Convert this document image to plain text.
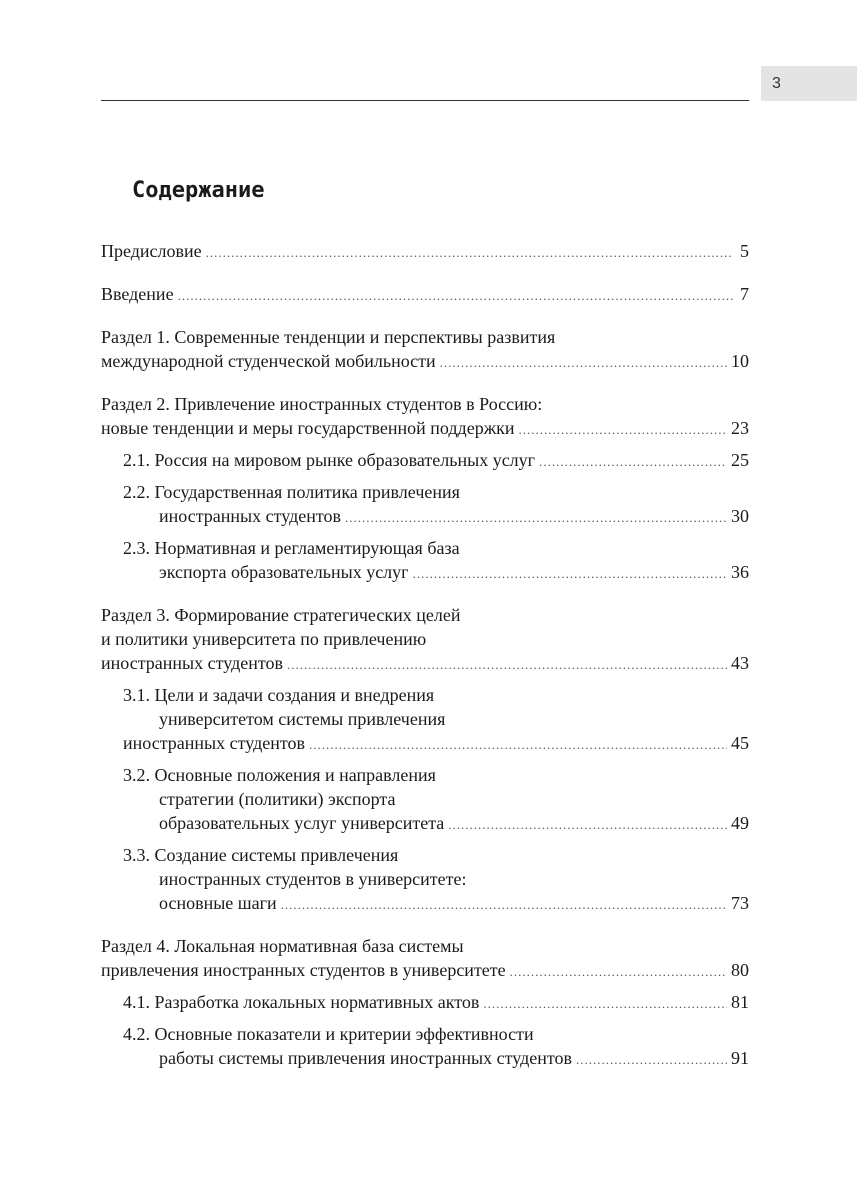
3
Содержание
Предисловие .....	5
Введение .....	7
Раздел 1. Современные тенденции и перспективы развития
международной студенческой мобильности .....	10
Раздел 2. Привлечение иностранных студентов в Россию:
новые тенденции и меры государственной поддержки .....	23
2.1. Россия на мировом рынке образовательных услуг .....	25
2.2. Государственная политика привлечения
иностранных студентов .....	30
2.3. Нормативная и регламентирующая база
экспорта образовательных услуг .....	36
Раздел 3. Формирование стратегических целей
и политики университета по привлечению
иностранных студентов .....	43
3.1. Цели и задачи создания и внедрения
университетом системы привлечения
иностранных студентов .....	45
3.2. Основные положения и направления
стратегии (политики) экспорта
образовательных услуг университета .....	49
3.3. Создание системы привлечения
иностранных студентов в университете:
основные шаги .....	73
Раздел 4. Локальная нормативная база системы
привлечения иностранных студентов в университете .....	80
4.1. Разработка локальных нормативных актов .....	81
4.2. Основные показатели и критерии эффективности
работы системы привлечения иностранных студентов .....	91
